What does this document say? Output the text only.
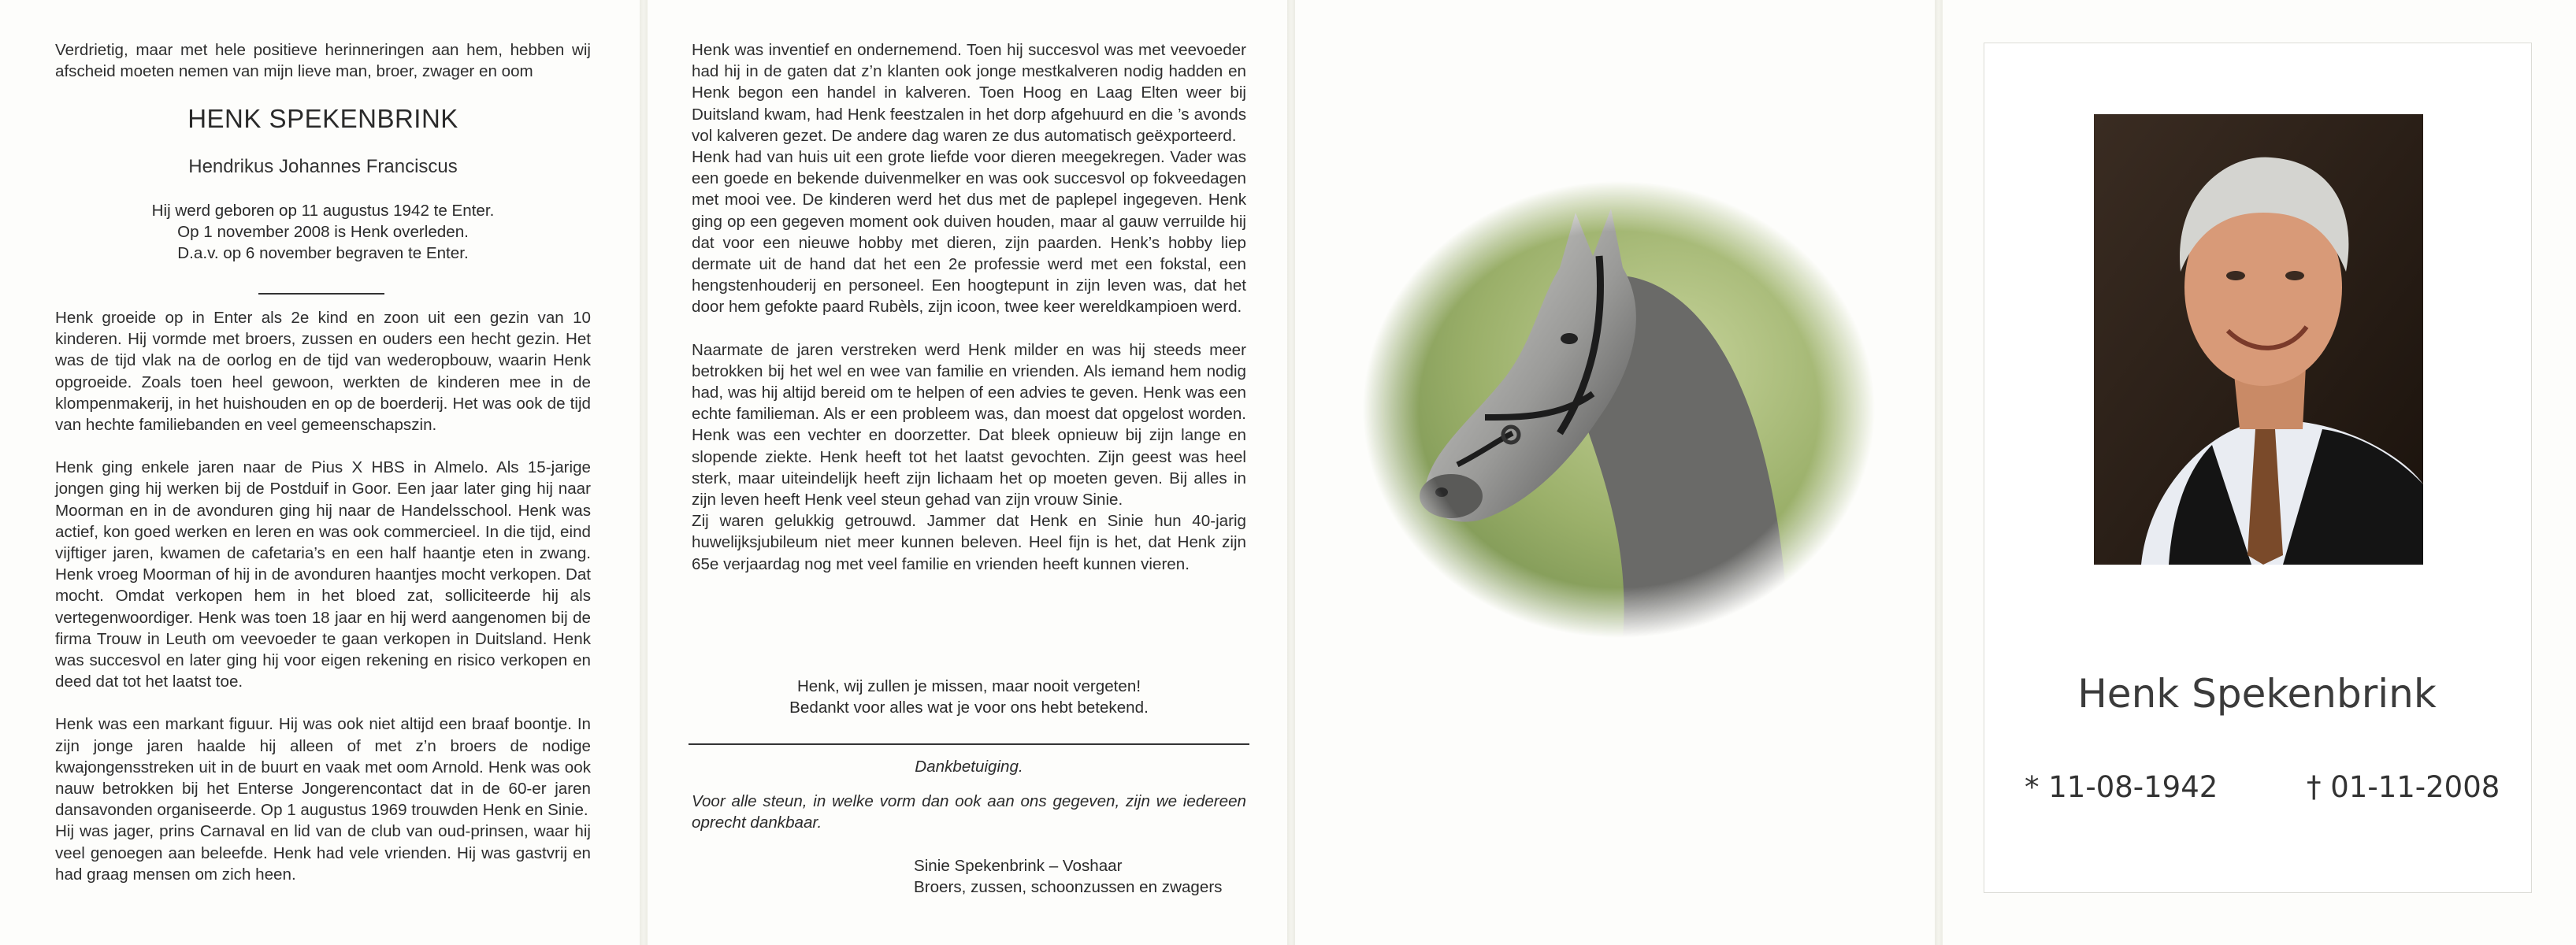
Verdrietig, maar met hele positieve herinneringen aan hem, hebben wij afscheid moeten nemen van mijn lieve man, broer, zwager en oom
HENK SPEKENBRINK
Hendrikus Johannes Franciscus
Hij werd geboren op 11 augustus 1942 te Enter.
Op 1 november 2008 is Henk overleden.
D.a.v. op 6 november begraven te Enter.

Henk groeide op in Enter als 2e kind en zoon uit een gezin van 10 kinderen. Hij vormde met broers, zussen en ouders een hecht gezin. Het was de tijd vlak na de oorlog en de tijd van wederopbouw, waarin Henk opgroeide. Zoals toen heel gewoon, werkten de kinderen mee in de klompenmakerij, in het huishouden en op de boerderij. Het was ook de tijd van hechte familiebanden en veel gemeenschapszin.

Henk ging enkele jaren naar de Pius X HBS in Almelo. Als 15-jarige jongen ging hij werken bij de Postduif in Goor. Een jaar later ging hij naar Moorman en in de avonduren ging hij naar de Handelsschool. Henk was actief, kon goed werken en leren en was ook commercieel. In die tijd, eind vijftiger jaren, kwamen de cafetaria’s en een half haantje eten in zwang. Henk vroeg Moorman of hij in de avonduren haantjes mocht verkopen. Dat mocht. Omdat verkopen hem in het bloed zat, solliciteerde hij als vertegenwoordiger. Henk was toen 18 jaar en hij werd aangenomen bij de firma Trouw in Leuth om veevoeder te gaan verkopen in Duitsland. Henk was succesvol en later ging hij voor eigen rekening en risico verkopen en deed dat tot het laatst toe.

Henk was een markant figuur. Hij was ook niet altijd een braaf boontje. In zijn jonge jaren haalde hij alleen of met z’n broers de nodige kwajongensstreken uit in de buurt en vaak met oom Arnold. Henk was ook nauw betrokken bij het Enterse Jongerencontact dat in de 60-er jaren dansavonden organiseerde. Op 1 augustus 1969 trouwden Henk en Sinie.

Hij was jager, prins Carnaval en lid van de club van oud-prinsen, waar hij veel genoegen aan beleefde. Henk had vele vrienden. Hij was gastvrij en had graag mensen om zich heen.

Henk was inventief en ondernemend. Toen hij succesvol was met veevoeder had hij in de gaten dat z’n klanten ook jonge mestkalveren nodig hadden en Henk begon een handel in kalveren. Toen Hoog en Laag Elten weer bij Duitsland kwam, had Henk feestzalen in het dorp afgehuurd en die ’s avonds vol kalveren gezet. De andere dag waren ze dus automatisch geëxporteerd.

Henk had van huis uit een grote liefde voor dieren meegekregen. Vader was een goede en bekende duivenmelker en was ook succesvol op fokveedagen met mooi vee. De kinderen werd het dus met de paplepel ingegeven. Henk ging op een gegeven moment ook duiven houden, maar al gauw verruilde hij dat voor een nieuwe hobby met dieren, zijn paarden. Henk’s hobby liep dermate uit de hand dat het een 2e professie werd met een fokstal, een hengstenhouderij en personeel. Een hoogtepunt in zijn leven was, dat het door hem gefokte paard Rubèls, zijn icoon, twee keer wereldkampioen werd.

Naarmate de jaren verstreken werd Henk milder en was hij steeds meer betrokken bij het wel en wee van familie en vrienden. Als iemand hem nodig had, was hij altijd bereid om te helpen of een advies te geven. Henk was een echte familieman. Als er een probleem was, dan moest dat opgelost worden. Henk was een vechter en doorzetter. Dat bleek opnieuw bij zijn lange en slopende ziekte. Henk heeft tot het laatst gevochten. Zijn geest was heel sterk, maar uiteindelijk heeft zijn lichaam het op moeten geven. Bij alles in zijn leven heeft Henk veel steun gehad van zijn vrouw Sinie.

Zij waren gelukkig getrouwd. Jammer dat Henk en Sinie hun 40-jarig huwelijksjubileum niet meer kunnen beleven. Heel fijn is het, dat Henk zijn 65e verjaardag nog met veel familie en vrienden heeft kunnen vieren.

Henk, wij zullen je missen, maar nooit vergeten!
Bedankt voor alles wat je voor ons hebt betekend.
Dankbetuiging.
Voor alle steun, in welke vorm dan ook aan ons gegeven, zijn we iedereen oprecht dankbaar.
Sinie Spekenbrink – Voshaar
Broers, zussen, schoonzussen en zwagers
Henk Spekenbrink
* 11-08-1942	† 01-11-2008
